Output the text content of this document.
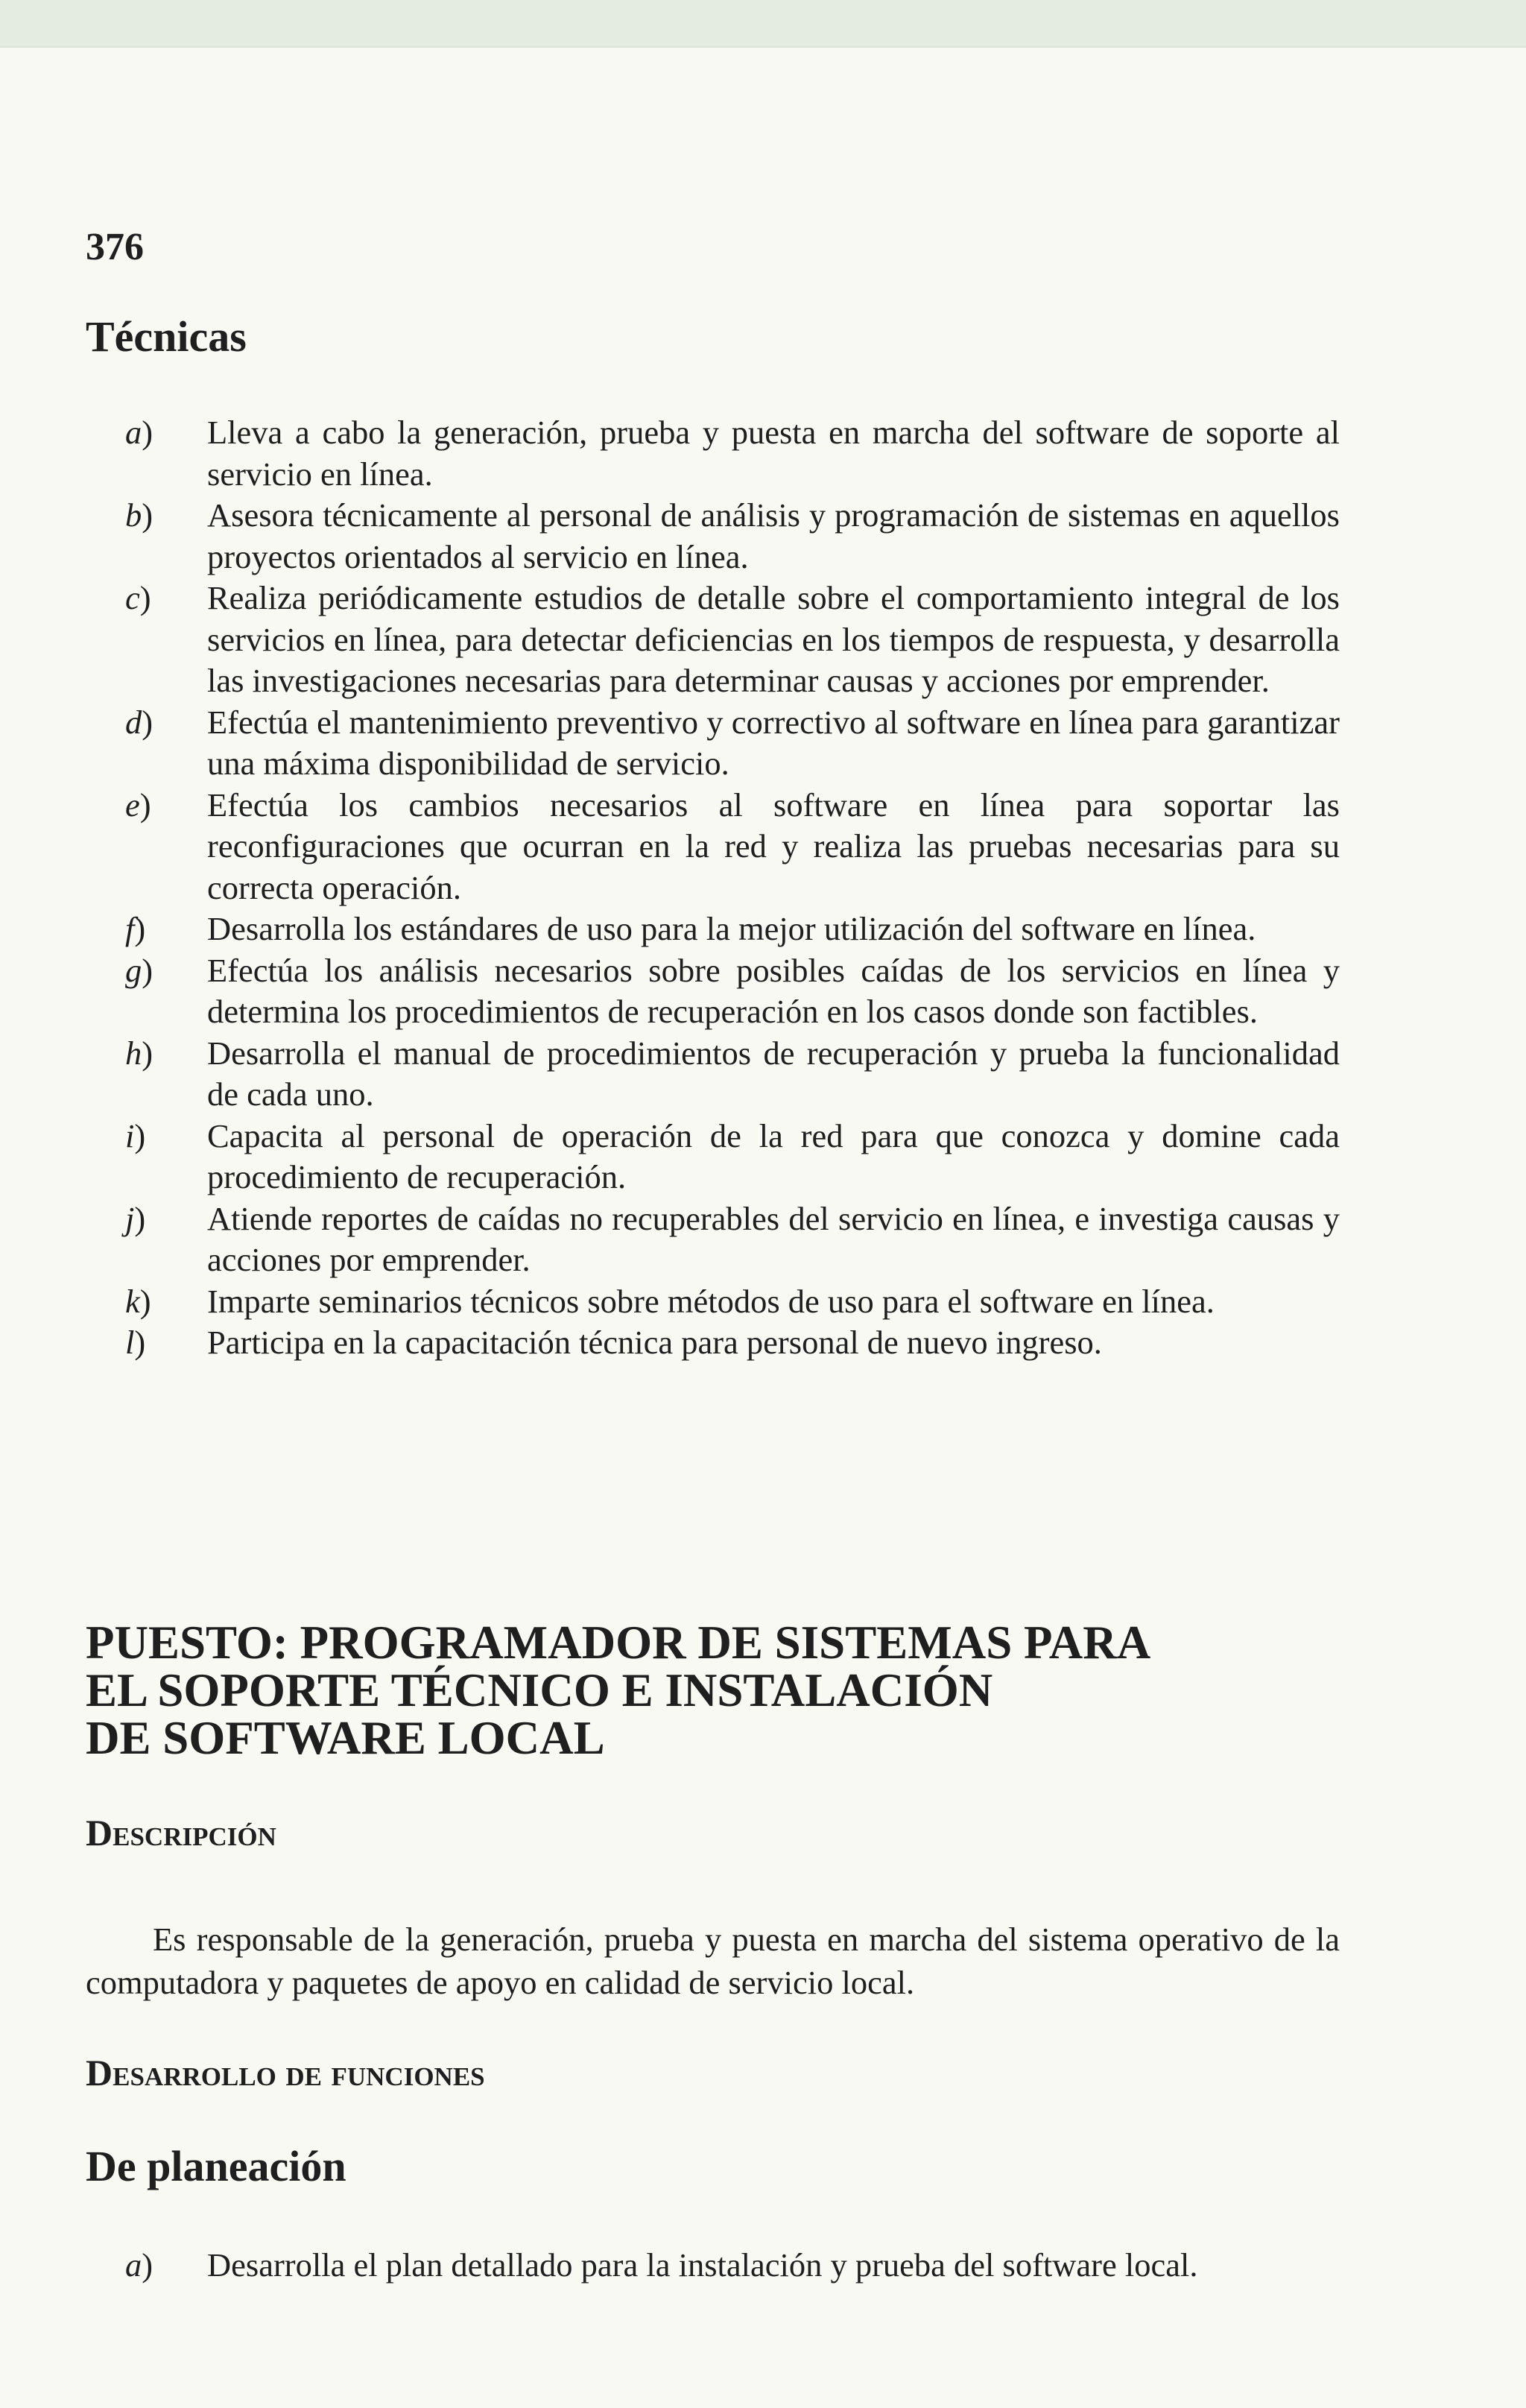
376

Técnicas
a) Lleva a cabo la generación, prueba y puesta en marcha del software de soporte al servicio en línea.
b) Asesora técnicamente al personal de análisis y programación de sistemas en aquellos proyectos orientados al servicio en línea.
c) Realiza periódicamente estudios de detalle sobre el comportamiento integral de los servicios en línea, para detectar deficiencias en los tiempos de respuesta, y desarrolla las investigaciones necesarias para determinar causas y acciones por emprender.
d) Efectúa el mantenimiento preventivo y correctivo al software en línea para garantizar una máxima disponibilidad de servicio.
e) Efectúa los cambios necesarios al software en línea para soportar las reconfiguraciones que ocurran en la red y realiza las pruebas necesarias para su correcta operación.
f) Desarrolla los estándares de uso para la mejor utilización del software en línea.
g) Efectúa los análisis necesarios sobre posibles caídas de los servicios en línea y determina los procedimientos de recuperación en los casos donde son factibles.
h) Desarrolla el manual de procedimientos de recuperación y prueba la funcionalidad de cada uno.
i) Capacita al personal de operación de la red para que conozca y domine cada procedimiento de recuperación.
j) Atiende reportes de caídas no recuperables del servicio en línea, e investiga causas y acciones por emprender.
k) Imparte seminarios técnicos sobre métodos de uso para el software en línea.
l) Participa en la capacitación técnica para personal de nuevo ingreso.
PUESTO: PROGRAMADOR DE SISTEMAS PARA
EL SOPORTE TÉCNICO E INSTALACIÓN
DE SOFTWARE LOCAL
Descripción

Es responsable de la generación, prueba y puesta en marcha del sistema operativo de la computadora y paquetes de apoyo en calidad de servicio local.

Desarrollo de funciones
De planeación
a) Desarrolla el plan detallado para la instalación y prueba del software local.
